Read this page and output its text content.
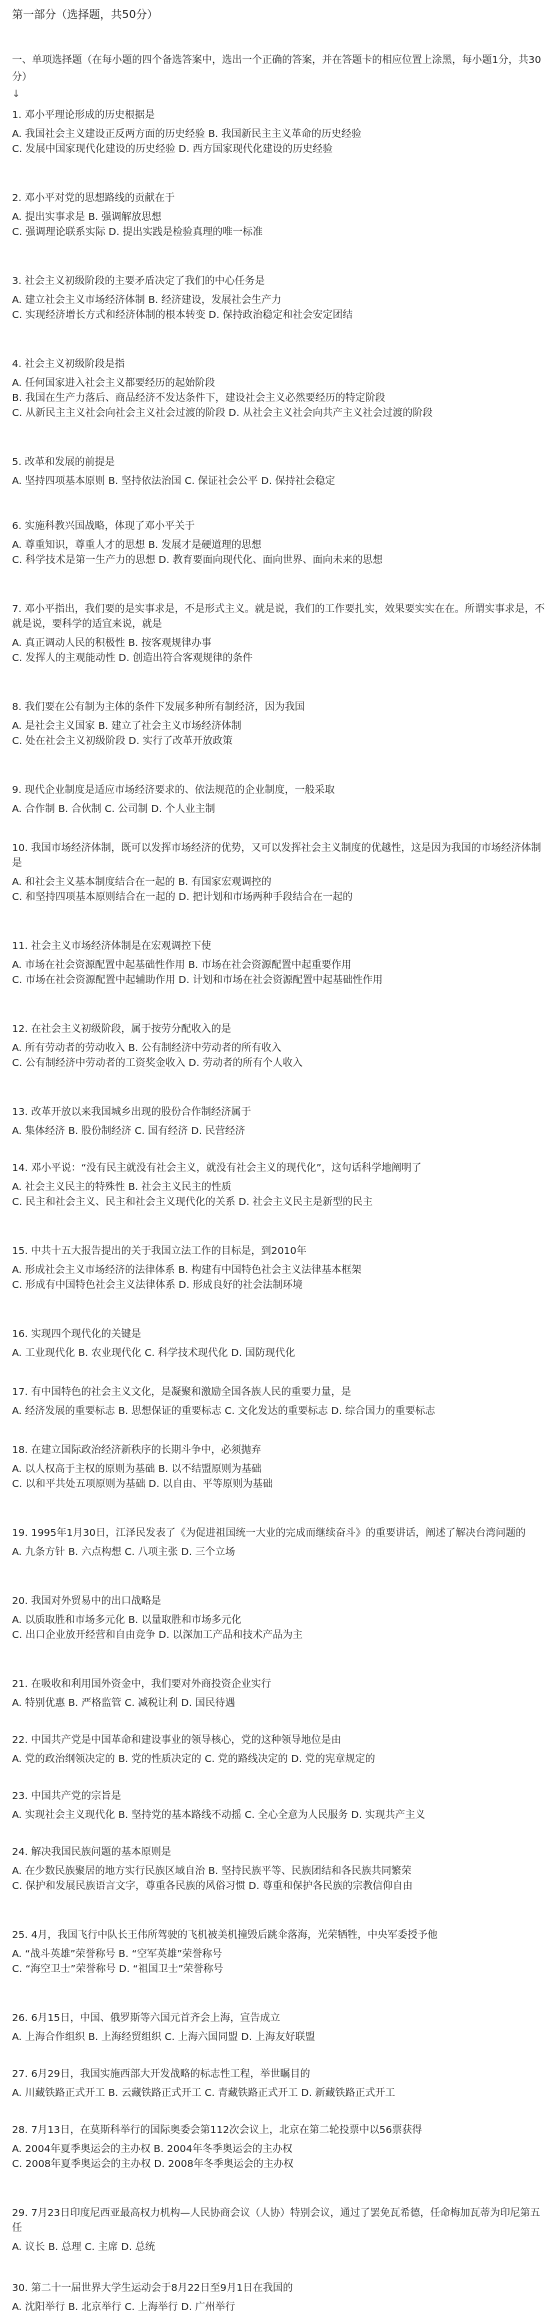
第一部分（选择题，共50分）
一、单项选择题（在每小题的四个备选答案中，选出一个正确的答案，并在答题卡的相应位置上涂黑，每小题1分，共30分）
↓
1. 邓小平理论形成的历史根据是
A. 我国社会主义建设正反两方面的历史经验 B. 我国新民主主义革命的历史经验
C. 发展中国家现代化建设的历史经验 D. 西方国家现代化建设的历史经验
2. 邓小平对党的思想路线的贡献在于
A. 提出实事求是 B. 强调解放思想
C. 强调理论联系实际 D. 提出实践是检验真理的唯一标准
3. 社会主义初级阶段的主要矛盾决定了我们的中心任务是
A. 建立社会主义市场经济体制 B. 经济建设，发展社会生产力
C. 实现经济增长方式和经济体制的根本转变 D. 保持政治稳定和社会安定团结
4. 社会主义初级阶段是指
A. 任何国家进入社会主义都要经历的起始阶段
B. 我国在生产力落后、商品经济不发达条件下，建设社会主义必然要经历的特定阶段
C. 从新民主主义社会向社会主义社会过渡的阶段 D. 从社会主义社会向共产主义社会过渡的阶段
5. 改革和发展的前提是
A. 坚持四项基本原则 B. 坚持依法治国 C. 保证社会公平 D. 保持社会稳定
6. 实施科教兴国战略，体现了邓小平关于
A. 尊重知识，尊重人才的思想 B. 发展才是硬道理的思想
C. 科学技术是第一生产力的思想 D. 教育要面向现代化、面向世界、面向未来的思想
7. 邓小平指出，我们要的是实事求是，不是形式主义。就是说，我们的工作要扎实，效果要实实在在。所谓实事求是，不就是说，要科学的适宜来说，就是
A. 真正调动人民的积极性 B. 按客观规律办事
C. 发挥人的主观能动性 D. 创造出符合客观规律的条件
8. 我们要在公有制为主体的条件下发展多种所有制经济，因为我国
A. 是社会主义国家 B. 建立了社会主义市场经济体制
C. 处在社会主义初级阶段 D. 实行了改革开放政策
9. 现代企业制度是适应市场经济要求的、依法规范的企业制度，一般采取
A. 合作制 B. 合伙制 C. 公司制 D. 个人业主制
10. 我国市场经济体制，既可以发挥市场经济的优势，又可以发挥社会主义制度的优越性，这是因为我国的市场经济体制是
A. 和社会主义基本制度结合在一起的 B. 有国家宏观调控的
C. 和坚持四项基本原则结合在一起的 D. 把计划和市场两种手段结合在一起的
11. 社会主义市场经济体制是在宏观调控下使
A. 市场在社会资源配置中起基础性作用 B. 市场在社会资源配置中起重要作用
C. 市场在社会资源配置中起辅助作用 D. 计划和市场在社会资源配置中起基础性作用
12. 在社会主义初级阶段，属于按劳分配收入的是
A. 所有劳动者的劳动收入 B. 公有制经济中劳动者的所有收入
C. 公有制经济中劳动者的工资奖金收入 D. 劳动者的所有个人收入
13. 改革开放以来我国城乡出现的股份合作制经济属于
A. 集体经济 B. 股份制经济 C. 国有经济 D. 民营经济
14. 邓小平说：“没有民主就没有社会主义，就没有社会主义的现代化”，这句话科学地阐明了
A. 社会主义民主的特殊性 B. 社会主义民主的性质
C. 民主和社会主义、民主和社会主义现代化的关系 D. 社会主义民主是新型的民主
15. 中共十五大报告提出的关于我国立法工作的目标是，到2010年
A. 形成社会主义市场经济的法律体系 B. 构建有中国特色社会主义法律基本框架
C. 形成有中国特色社会主义法律体系 D. 形成良好的社会法制环境
16. 实现四个现代化的关键是
A. 工业现代化 B. 农业现代化 C. 科学技术现代化 D. 国防现代化
17. 有中国特色的社会主义文化，是凝聚和激励全国各族人民的重要力量，是
A. 经济发展的重要标志 B. 思想保证的重要标志 C. 文化发达的重要标志 D. 综合国力的重要标志
18. 在建立国际政治经济新秩序的长期斗争中，必须抛弃
A. 以人权高于主权的原则为基础 B. 以不结盟原则为基础
C. 以和平共处五项原则为基础 D. 以自由、平等原则为基础
19. 1995年1月30日，江泽民发表了《为促进祖国统一大业的完成而继续奋斗》的重要讲话，阐述了解决台湾问题的
A. 九条方针 B. 六点构想 C. 八项主张 D. 三个立场
20. 我国对外贸易中的出口战略是
A. 以质取胜和市场多元化 B. 以量取胜和市场多元化
C. 出口企业放开经营和自由竞争 D. 以深加工产品和技术产品为主
21. 在吸收和利用国外资金中，我们要对外商投资企业实行
A. 特别优惠 B. 严格监管 C. 减税让利 D. 国民待遇
22. 中国共产党是中国革命和建设事业的领导核心，党的这种领导地位是由
A. 党的政治纲领决定的 B. 党的性质决定的 C. 党的路线决定的 D. 党的宪章规定的
23. 中国共产党的宗旨是
A. 实现社会主义现代化 B. 坚持党的基本路线不动摇 C. 全心全意为人民服务 D. 实现共产主义
24. 解决我国民族问题的基本原则是
A. 在少数民族聚居的地方实行民族区域自治 B. 坚持民族平等、民族团结和各民族共同繁荣
C. 保护和发展民族语言文字，尊重各民族的风俗习惯 D. 尊重和保护各民族的宗教信仰自由
25. 4月，我国飞行中队长王伟所驾驶的飞机被美机撞毁后跳伞落海，光荣牺牲，中央军委授予他
A. “战斗英雄”荣誉称号 B. “空军英雄”荣誉称号
C. “海空卫士”荣誉称号 D. “祖国卫士”荣誉称号
26. 6月15日，中国、俄罗斯等六国元首齐会上海，宣告成立
A. 上海合作组织 B. 上海经贸组织 C. 上海六国同盟 D. 上海友好联盟
27. 6月29日，我国实施西部大开发战略的标志性工程，举世瞩目的
A. 川藏铁路正式开工 B. 云藏铁路正式开工 C. 青藏铁路正式开工 D. 新藏铁路正式开工
28. 7月13日，在莫斯科举行的国际奥委会第112次会议上，北京在第二轮投票中以56票获得
A. 2004年夏季奥运会的主办权 B. 2004年冬季奥运会的主办权
C. 2008年夏季奥运会的主办权 D. 2008年冬季奥运会的主办权
29. 7月23日印度尼西亚最高权力机构—人民协商会议（人协）特别会议，通过了罢免瓦希德，任命梅加瓦蒂为印尼第五任
A. 议长 B. 总理 C. 主席 D. 总统
30. 第二十一届世界大学生运动会于8月22日至9月1日在我国的
A. 沈阳举行 B. 北京举行 C. 上海举行 D. 广州举行
